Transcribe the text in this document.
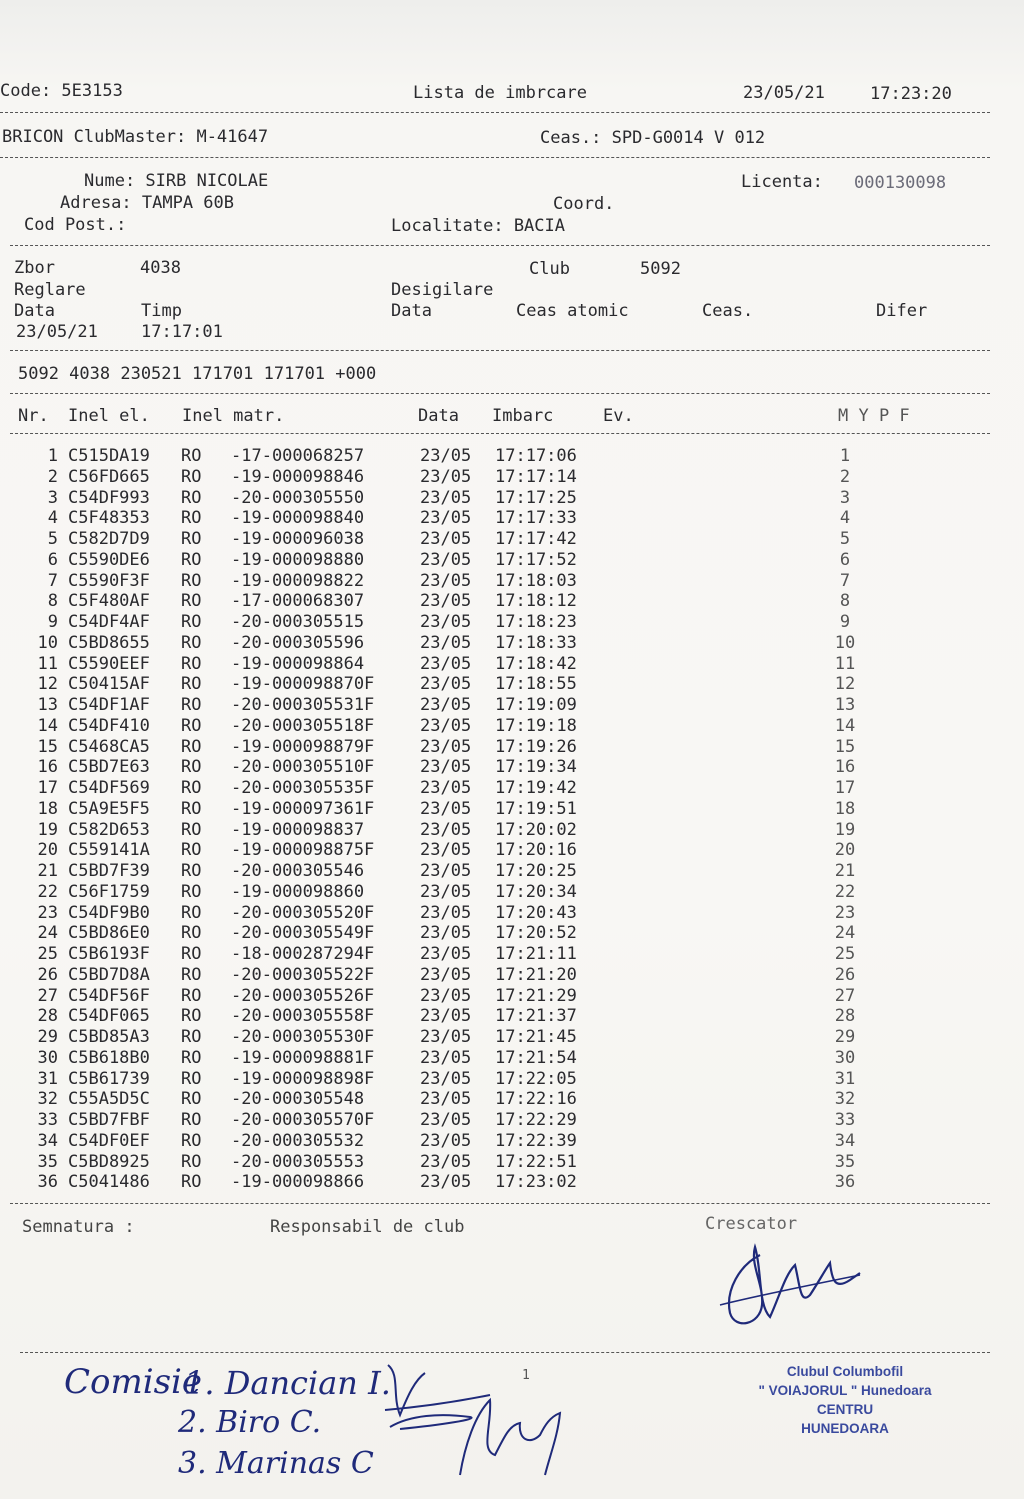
Code: 5E3153	Lista de imbrcare	23/05/21	17:23:20
BRICON ClubMaster: M-41647	Ceas.: SPD-G0014 V 012
Nume: SIRB NICOLAE	Licenta: 000130098
Adresa: TAMPA 60B	Coord.
Cod Post.:	Localitate: BACIA
Zbor	4038	Club	5092
Reglare	Desigilare
Data	Timp	Data	Ceas atomic	Ceas.	Difer
23/05/21	17:17:01
5092 4038 230521 171701 171701 +000
Nr. Inel el. Inel matr.	Data Imbarc	Ev.	M Y P F
1 C515DA19 RO -17-000068257	23/05 17:17:06	1
2 C56FD665 RO -19-000098846	23/05 17:17:14	2
3 C54DF993 RO -20-000305550	23/05 17:17:25	3
4 C5F48353 RO -19-000098840	23/05 17:17:33	4
5 C582D7D9 RO -19-000096038	23/05 17:17:42	5
6 C5590DE6 RO -19-000098880	23/05 17:17:52	6
7 C5590F3F RO -19-000098822	23/05 17:18:03	7
8 C5F480AF RO -17-000068307	23/05 17:18:12	8
9 C54DF4AF RO -20-000305515	23/05 17:18:23	9
10 C5BD8655 RO -20-000305596	23/05 17:18:33	10
11 C5590EEF RO -19-000098864	23/05 17:18:42	11
12 C50415AF RO -19-000098870F	23/05 17:18:55	12
13 C54DF1AF RO -20-000305531F	23/05 17:19:09	13
14 C54DF410 RO -20-000305518F	23/05 17:19:18	14
15 C5468CA5 RO -19-000098879F	23/05 17:19:26	15
16 C5BD7E63 RO -20-000305510F	23/05 17:19:34	16
17 C54DF569 RO -20-000305535F	23/05 17:19:42	17
18 C5A9E5F5 RO -19-000097361F	23/05 17:19:51	18
19 C582D653 RO -19-000098837	23/05 17:20:02	19
20 C559141A RO -19-000098875F	23/05 17:20:16	20
21 C5BD7F39 RO -20-000305546	23/05 17:20:25	21
22 C56F1759 RO -19-000098860	23/05 17:20:34	22
23 C54DF9B0 RO -20-000305520F	23/05 17:20:43	23
24 C5BD86E0 RO -20-000305549F	23/05 17:20:52	24
25 C5B6193F RO -18-000287294F	23/05 17:21:11	25
26 C5BD7D8A RO -20-000305522F	23/05 17:21:20	26
27 C54DF56F RO -20-000305526F	23/05 17:21:29	27
28 C54DF065 RO -20-000305558F	23/05 17:21:37	28
29 C5BD85A3 RO -20-000305530F	23/05 17:21:45	29
30 C5B618B0 RO -19-000098881F	23/05 17:21:54	30
31 C5B61739 RO -19-000098898F	23/05 17:22:05	31
32 C55A5D5C RO -20-000305548	23/05 17:22:16	32
33 C5BD7FBF RO -20-000305570F	23/05 17:22:29	33
34 C54DF0EF RO -20-000305532	23/05 17:22:39	34
35 C5BD8925 RO -20-000305553	23/05 17:22:51	35
36 C5041486 RO -19-000098866	23/05 17:23:02	36
Semnatura :	Responsabil de club	Crescator
1
Comisie
1. Dancian I.
2. Biro C.
3. Marinas C
Clubul Columbofil
" VOIAJORUL " Hunedoara
CENTRU
HUNEDOARA
